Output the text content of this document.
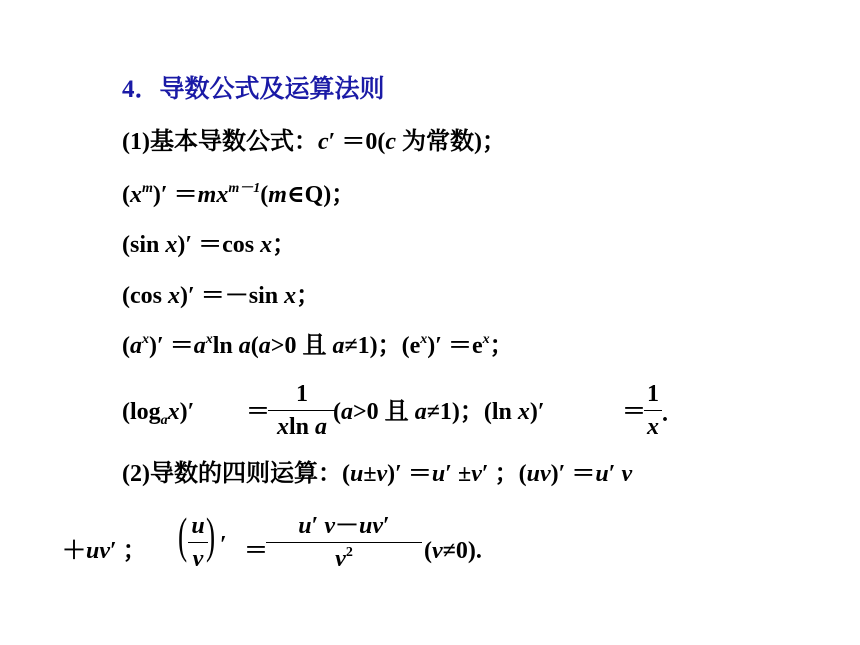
4．导数公式及运算法则
(1)基本导数公式：c′ ＝0(c 为常数)；
$(x^m)'$ $=mx^{m-1}(m\in Q)$；
(sin x)′ ＝cos x；
(cos x)′ ＝－sin x；
$(a^x)' =a^x\ln$ a(a>0 且 a≠1)；$(e^x)' =e^x$；
$(\log_ax)'$ ＝
1
xln a
(a>0 且 a≠1)；(ln x)′	＝
1
x .
(2)导数的四则运算：(u±v)′ ＝u′ ±v′ ；(uv)′ ＝u′ v
＋uv′ ； ( u
v ) ′ ＝
u′ v－uv′
$v^2$	(v≠0).
